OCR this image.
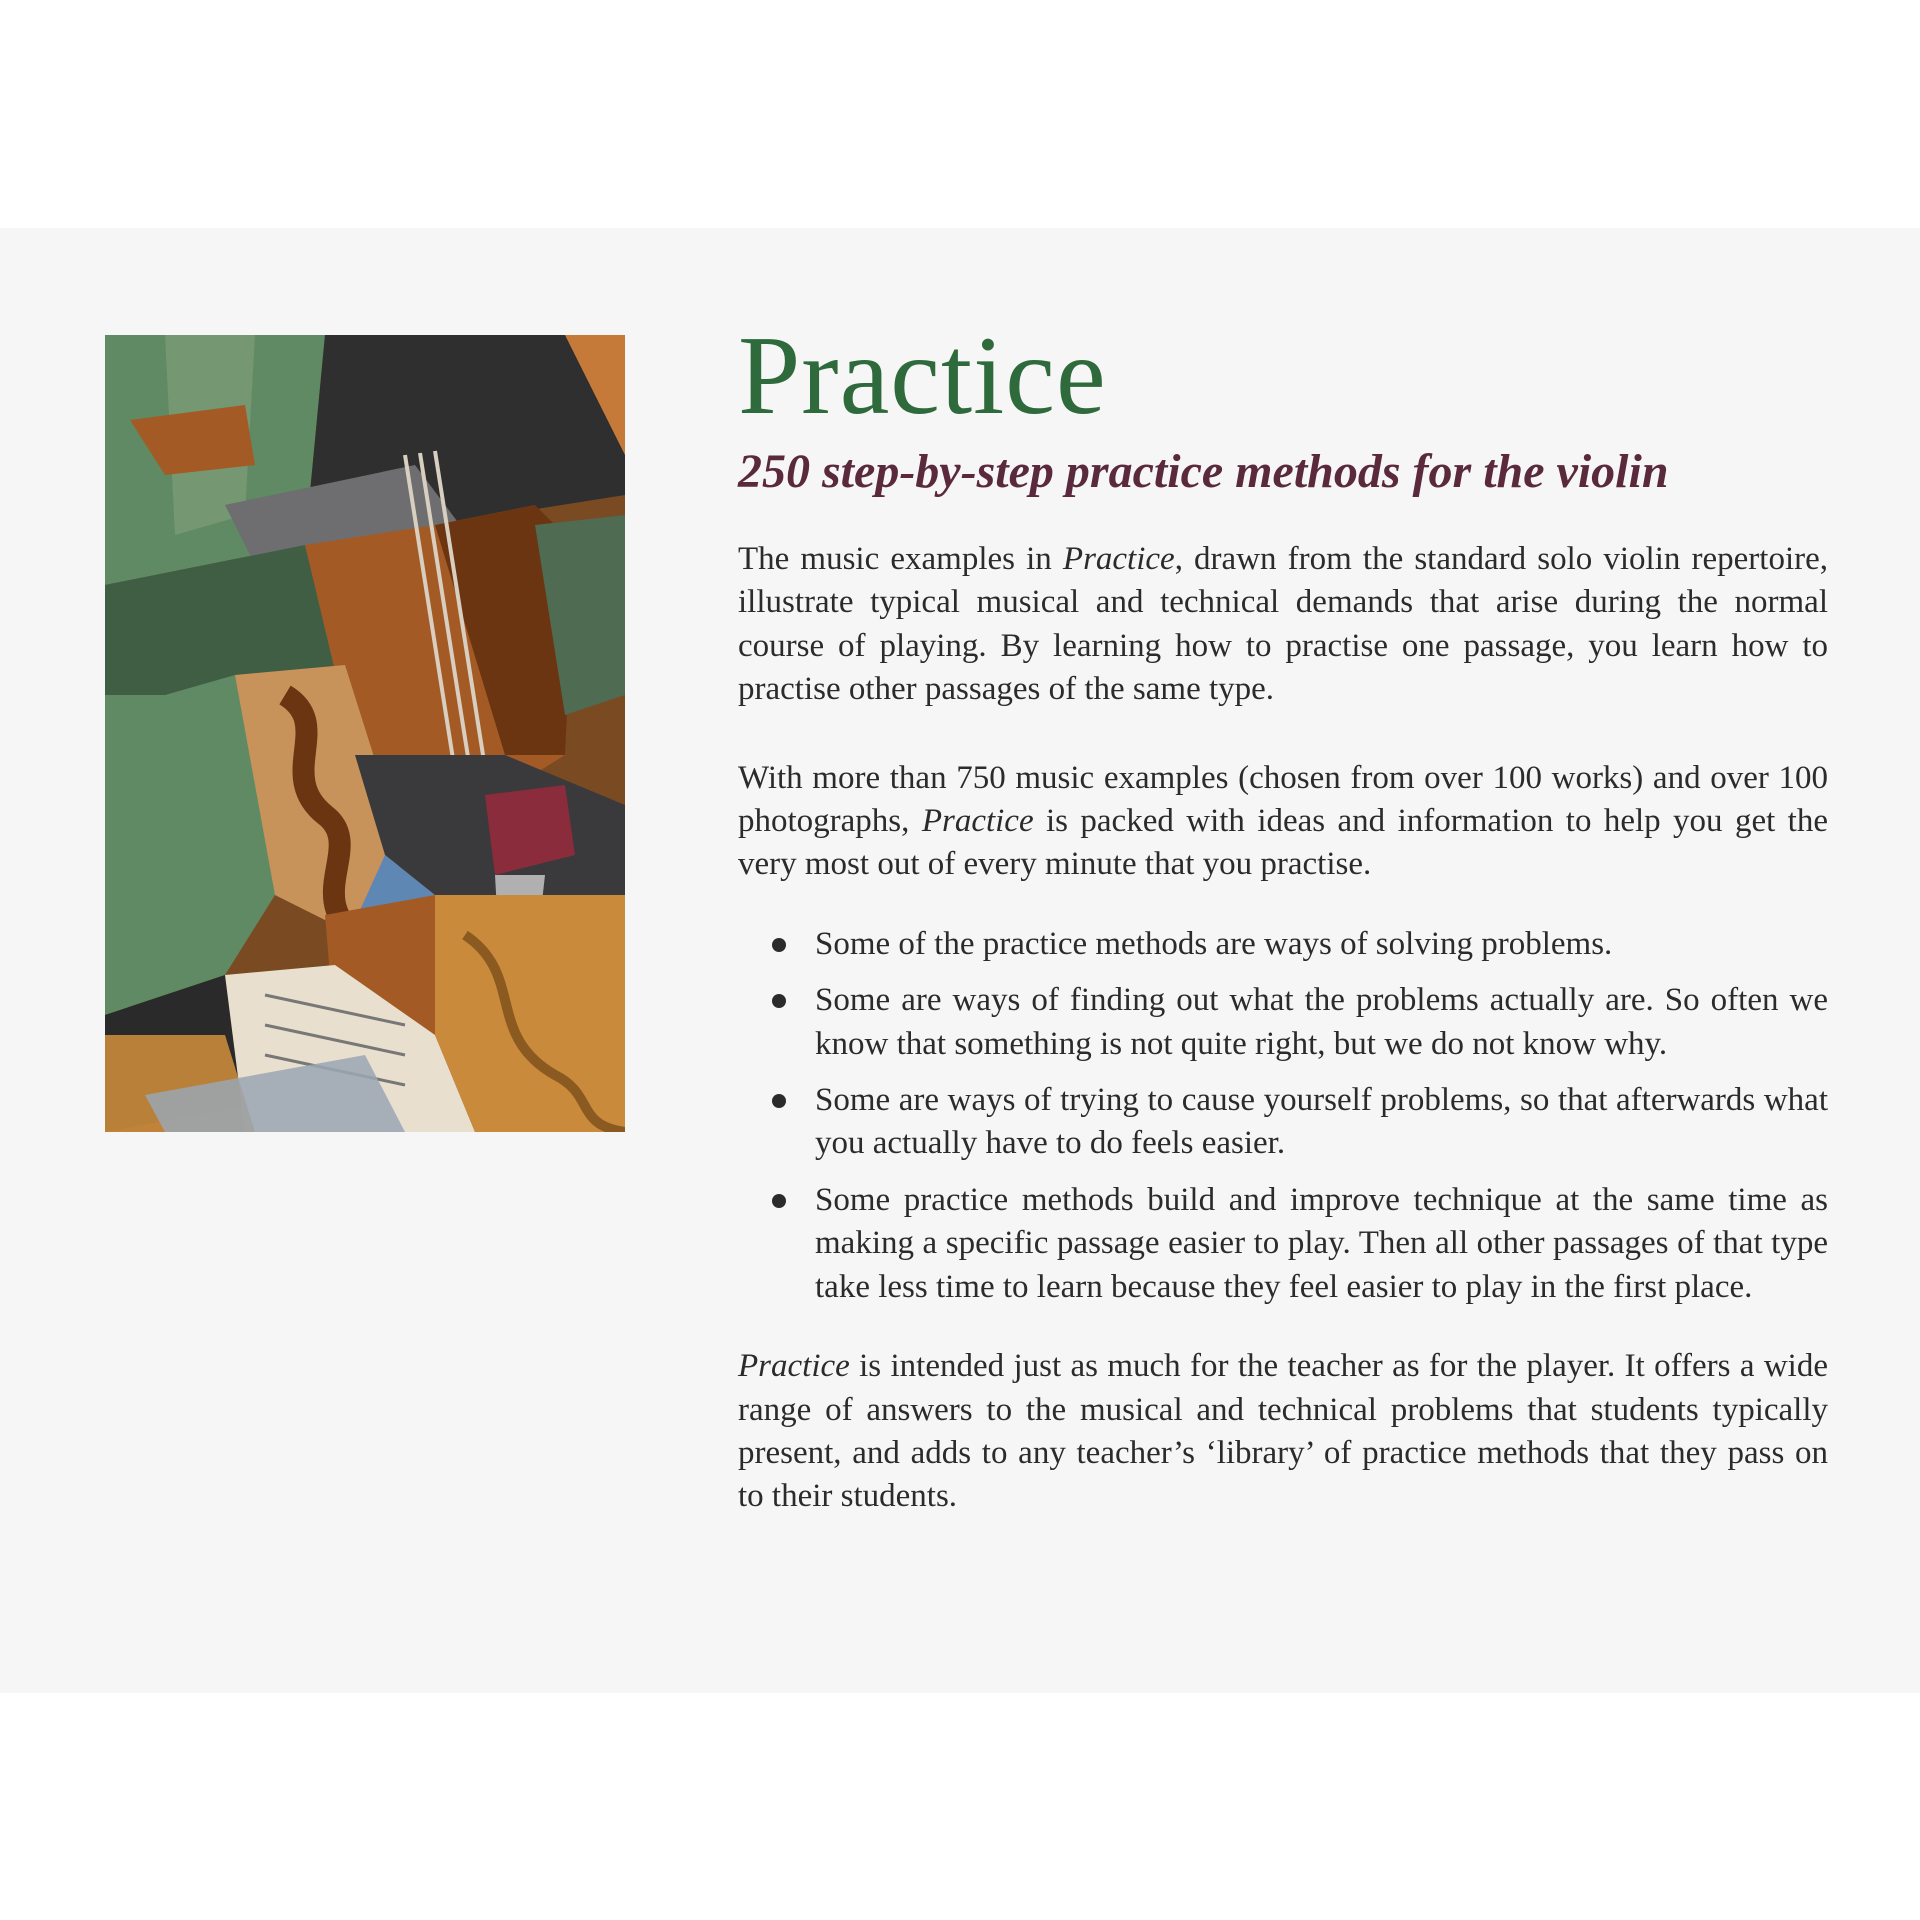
Practice
250 step-by-step practice methods for the violin

The music examples in Practice, drawn from the standard solo violin repertoire, illustrate typical musical and technical demands that arise during the normal course of playing. By learning how to practise one passage, you learn how to practise other passages of the same type.

With more than 750 music examples (chosen from over 100 works) and over 100 photographs, Practice is packed with ideas and information to help you get the very most out of every minute that you practise.

Some of the practice methods are ways of solving problems.
Some are ways of finding out what the problems actually are. So often we know that something is not quite right, but we do not know why.
Some are ways of trying to cause yourself problems, so that afterwards what you actually have to do feels easier.
Some practice methods build and improve technique at the same time as making a specific passage easier to play. Then all other passages of that type take less time to learn because they feel easier to play in the first place.

Practice is intended just as much for the teacher as for the player. It offers a wide range of answers to the musical and technical problems that students typically present, and adds to any teacher’s ‘library’ of practice methods that they pass on to their students.
